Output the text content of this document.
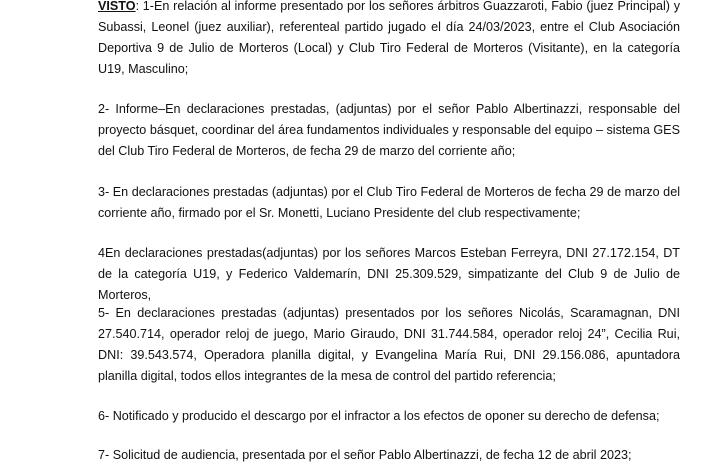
VISTO: 1-En relación al informe presentado por los señores árbitros Guazzaroti, Fabio (juez Principal) y Subassi, Leonel (juez auxiliar), referenteal partido jugado el día 24/03/2023, entre el Club Asociación Deportiva 9 de Julio de Morteros (Local) y Club Tiro Federal de Morteros (Visitante), en la categoría U19, Masculino;

2- Informe–En declaraciones prestadas, (adjuntas) por el señor Pablo Albertinazzi, responsable del proyecto básquet, coordinar del área fundamentos individuales y responsable del equipo – sistema GES del Club Tiro Federal de Morteros, de fecha 29 de marzo del corriente año;

3- En declaraciones prestadas (adjuntas) por el Club Tiro Federal de Morteros de fecha 29 de marzo del corriente año, firmado por el Sr. Monetti, Luciano Presidente del club respectivamente;

4En declaraciones prestadas(adjuntas) por los señores Marcos Esteban Ferreyra, DNI 27.172.154, DT de la categoría U19, y Federico Valdemarín, DNI 25.309.529, simpatizante del Club 9 de Julio de Morteros,

5- En declaraciones prestadas (adjuntas) presentados por los señores Nicolás, Scaramagnan, DNI 27.540.714, operador reloj de juego, Mario Giraudo, DNI 31.744.584, operador reloj 24”, Cecilia Rui, DNI: 39.543.574, Operadora planilla digital, y Evangelina María Rui, DNI 29.156.086, apuntadora planilla digital, todos ellos integrantes de la mesa de control del partido referencia;

6- Notificado y producido el descargo por el infractor a los efectos de oponer su derecho de defensa;

7- Solicitud de audiencia, presentada por el señor Pablo Albertinazzi, de fecha 12 de abril 2023;
